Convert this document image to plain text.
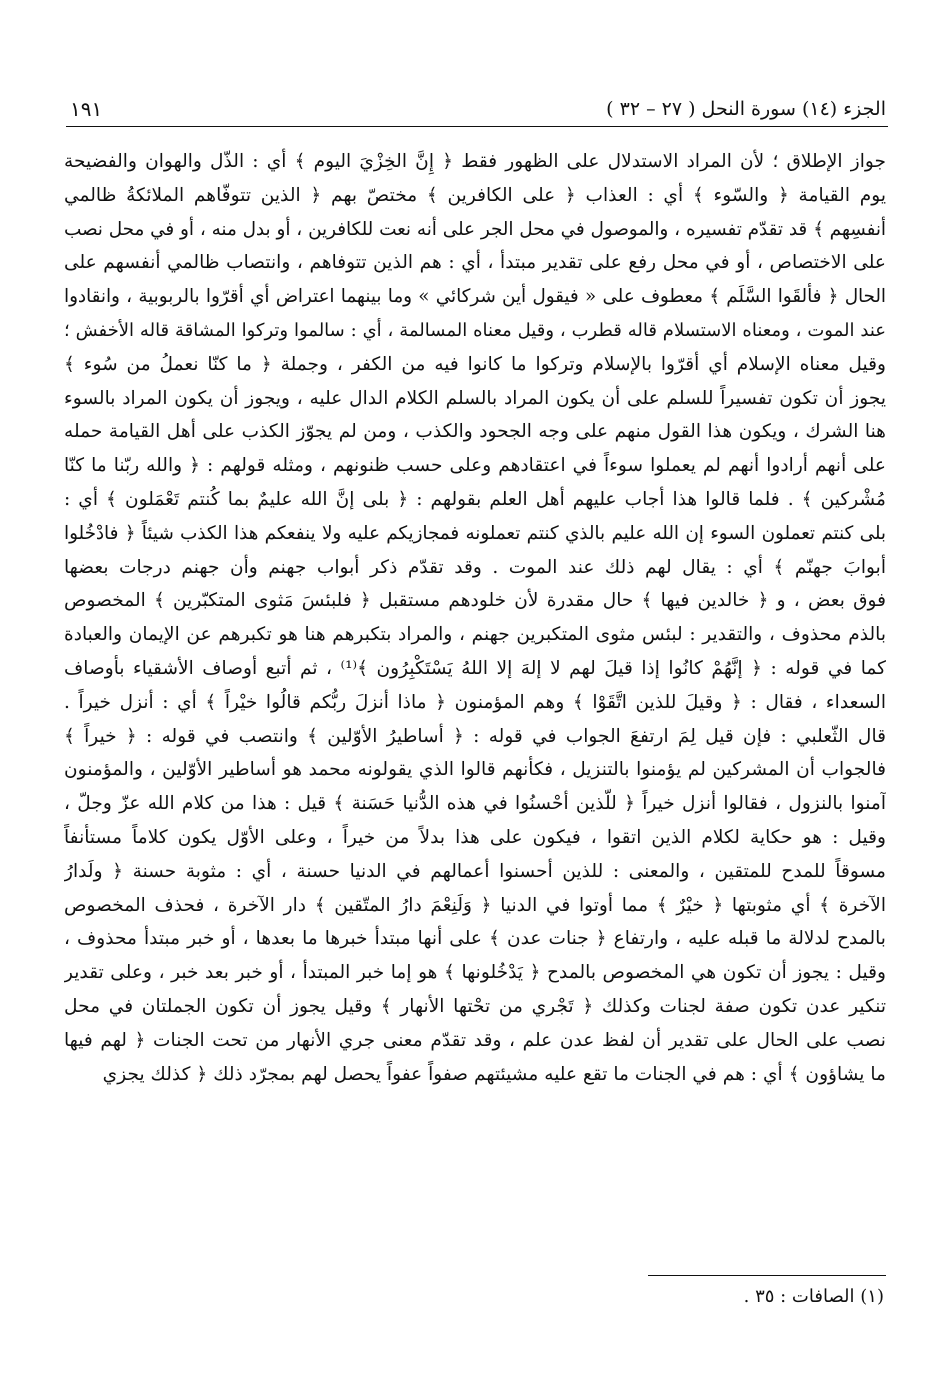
الجزء (١٤) سورة النحل ( ٢٧ – ٣٢ )
١٩١
جواز الإطلاق ؛ لأن المراد الاستدلال على الظهور فقط ﴿ إِنَّ الخِزْيَ اليوم ﴾ أي : الذّل والهوان والفضيحة
يوم القيامة ﴿ والسّوء ﴾ أي : العذاب ﴿ على الكافرين ﴾ مختصّ بهم ﴿ الذين تتوفّاهم الملائكةُ ظالمي
أنفسِهم ﴾ قد تقدّم تفسيره ، والموصول في محل الجر على أنه نعت للكافرين ، أو بدل منه ، أو في محل نصب
على الاختصاص ، أو في محل رفع على تقدير مبتدأ ، أي : هم الذين تتوفاهم ، وانتصاب ظالمي أنفسهم على
الحال ﴿ فألقَوا السَّلَم ﴾ معطوف على « فيقول أين شركائي » وما بينهما اعتراض أي أقرّوا بالربوبية ، وانقادوا
عند الموت ، ومعناه الاستسلام قاله قطرب ، وقيل معناه المسالمة ، أي : سالموا وتركوا المشاقة قاله الأخفش ؛
وقيل معناه الإسلام أي أقرّوا بالإسلام وتركوا ما كانوا فيه من الكفر ، وجملة ﴿ ما كنّا نعملُ من سُوء ﴾
يجوز أن تكون تفسيراً للسلم على أن يكون المراد بالسلم الكلام الدال عليه ، ويجوز أن يكون المراد بالسوء
هنا الشرك ، ويكون هذا القول منهم على وجه الجحود والكذب ، ومن لم يجوّز الكذب على أهل القيامة حمله
على أنهم أرادوا أنهم لم يعملوا سوءاً في اعتقادهم وعلى حسب ظنونهم ، ومثله قولهم : ﴿ والله ربّنا ما كنّا
مُشْركين ﴾ . فلما قالوا هذا أجاب عليهم أهل العلم بقولهم : ﴿ بلى إنَّ الله عليمٌ بما كُنتم تَعْمَلون ﴾ أي :
بلى كنتم تعملون السوء إن الله عليم بالذي كنتم تعملونه فمجازيكم عليه ولا ينفعكم هذا الكذب شيئاً ﴿ فادْخُلوا
أبوابَ جهنّم ﴾ أي : يقال لهم ذلك عند الموت . وقد تقدّم ذكر أبواب جهنم وأن جهنم درجات بعضها
فوق بعض ، و ﴿ خالدين فيها ﴾ حال مقدرة لأن خلودهم مستقبل ﴿ فلبئسَ مَثوى المتكبّرين ﴾ المخصوص
بالذم محذوف ، والتقدير : لبئس مثوى المتكبرين جهنم ، والمراد بتكبرهم هنا هو تكبرهم عن الإيمان والعبادة
كما في قوله : ﴿ إنَّهُمْ كانُوا إذا قيلَ لهم لا إلهَ إلا اللهُ يَسْتَكْبِرُون ﴾⁽¹⁾ ، ثم أتبع أوصاف الأشقياء بأوصاف
السعداء ، فقال : ﴿ وقيلَ للذين اتَّقَوْا ﴾ وهم المؤمنون ﴿ ماذا أنزلَ ربُّكم قالُوا خيْراً ﴾ أي : أنزل خيراً .
قال الثّعلبي : فإن قيل لِمَ ارتفعَ الجواب في قوله : ﴿ أساطيرُ الأوّلين ﴾ وانتصب في قوله : ﴿ خيراً ﴾
فالجواب أن المشركين لم يؤمنوا بالتنزيل ، فكأنهم قالوا الذي يقولونه محمد هو أساطير الأوّلين ، والمؤمنون
آمنوا بالنزول ، فقالوا أنزل خيراً ﴿ للّذين أحْسنُوا في هذه الدُّنيا حَسَنة ﴾ قيل : هذا من كلام الله عزّ وجلّ ،
وقيل : هو حكاية لكلام الذين اتقوا ، فيكون على هذا بدلاً من خيراً ، وعلى الأوّل يكون كلاماً مستأنفاً
مسوقاً للمدح للمتقين ، والمعنى : للذين أحسنوا أعمالهم في الدنيا حسنة ، أي : مثوبة حسنة ﴿ ولَدارُ
الآخرة ﴾ أي مثوبتها ﴿ خيْرٌ ﴾ مما أوتوا في الدنيا ﴿ وَلَنِعْمَ دارُ المتّقين ﴾ دار الآخرة ، فحذف المخصوص
بالمدح لدلالة ما قبله عليه ، وارتفاع ﴿ جنات عدن ﴾ على أنها مبتدأ خبرها ما بعدها ، أو خبر مبتدأ محذوف ،
وقيل : يجوز أن تكون هي المخصوص بالمدح ﴿ يَدْخُلونها ﴾ هو إما خبر المبتدأ ، أو خبر بعد خبر ، وعلى تقدير
تنكير عدن تكون صفة لجنات وكذلك ﴿ تَجْري من تحْتها الأنهار ﴾ وقيل يجوز أن تكون الجملتان في محل
نصب على الحال على تقدير أن لفظ عدن علم ، وقد تقدّم معنى جري الأنهار من تحت الجنات ﴿ لهم فيها
ما يشاؤون ﴾ أي : هم في الجنات ما تقع عليه مشيئتهم صفواً عفواً يحصل لهم بمجرّد ذلك ﴿ كذلك يجزي
(١) الصافات : ٣٥ .
